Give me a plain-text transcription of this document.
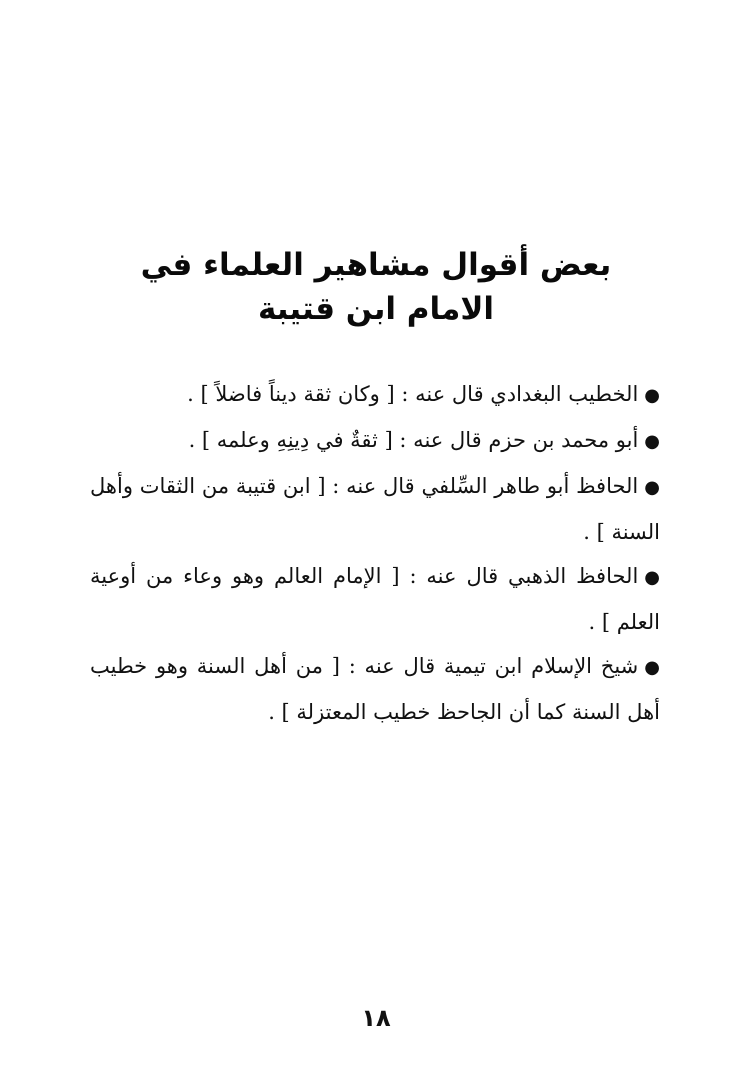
بعض أقوال مشاهير العلماء في الامام ابن قتيبة

●الخطيب البغدادي قال عنه : [ وكان ثقة ديناً فاضلاً ] .

●أبو محمد بن حزم قال عنه : [ ثقةٌ في دِينِهِ وعلمه ] .

●الحافظ أبو طاهر السِّلفي قال عنه : [ ابن قتيبة من الثقات وأهل السنة ] .

●الحافظ الذهبي قال عنه : [ الإمام العالم وهو وعاء من أوعية العلم ] .

●شيخ الإسلام ابن تيمية قال عنه : [ من أهل السنة وهو خطيب أهل السنة كما أن الجاحظ خطيب المعتزلة ] .

١٨
